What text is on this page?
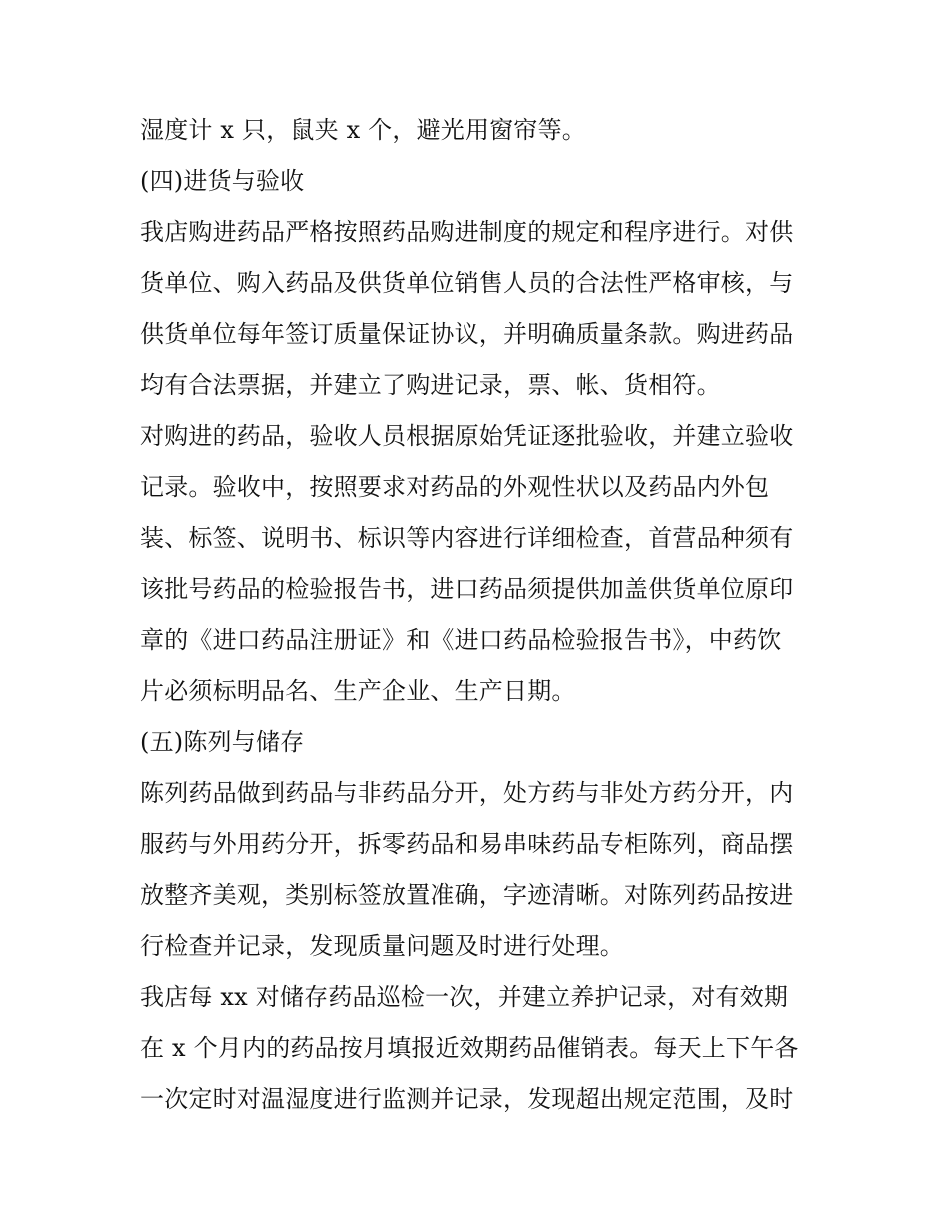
湿度计 x 只，鼠夹 x 个，避光用窗帘等。
(四)进货与验收
我店购进药品严格按照药品购进制度的规定和程序进行。对供
货单位、购入药品及供货单位销售人员的合法性严格审核，与
供货单位每年签订质量保证协议，并明确质量条款。购进药品
均有合法票据，并建立了购进记录，票、帐、货相符。
对购进的药品，验收人员根据原始凭证逐批验收，并建立验收
记录。验收中，按照要求对药品的外观性状以及药品内外包
装、标签、说明书、标识等内容进行详细检查，首营品种须有
该批号药品的检验报告书，进口药品须提供加盖供货单位原印
章的《进口药品注册证》和《进口药品检验报告书》，中药饮
片必须标明品名、生产企业、生产日期。
(五)陈列与储存
陈列药品做到药品与非药品分开，处方药与非处方药分开，内
服药与外用药分开，拆零药品和易串味药品专柜陈列，商品摆
放整齐美观，类别标签放置准确，字迹清晰。对陈列药品按进
行检查并记录，发现质量问题及时进行处理。
我店每 xx 对储存药品巡检一次，并建立养护记录，对有效期
在 x 个月内的药品按月填报近效期药品催销表。每天上下午各
一次定时对温湿度进行监测并记录，发现超出规定范围，及时
